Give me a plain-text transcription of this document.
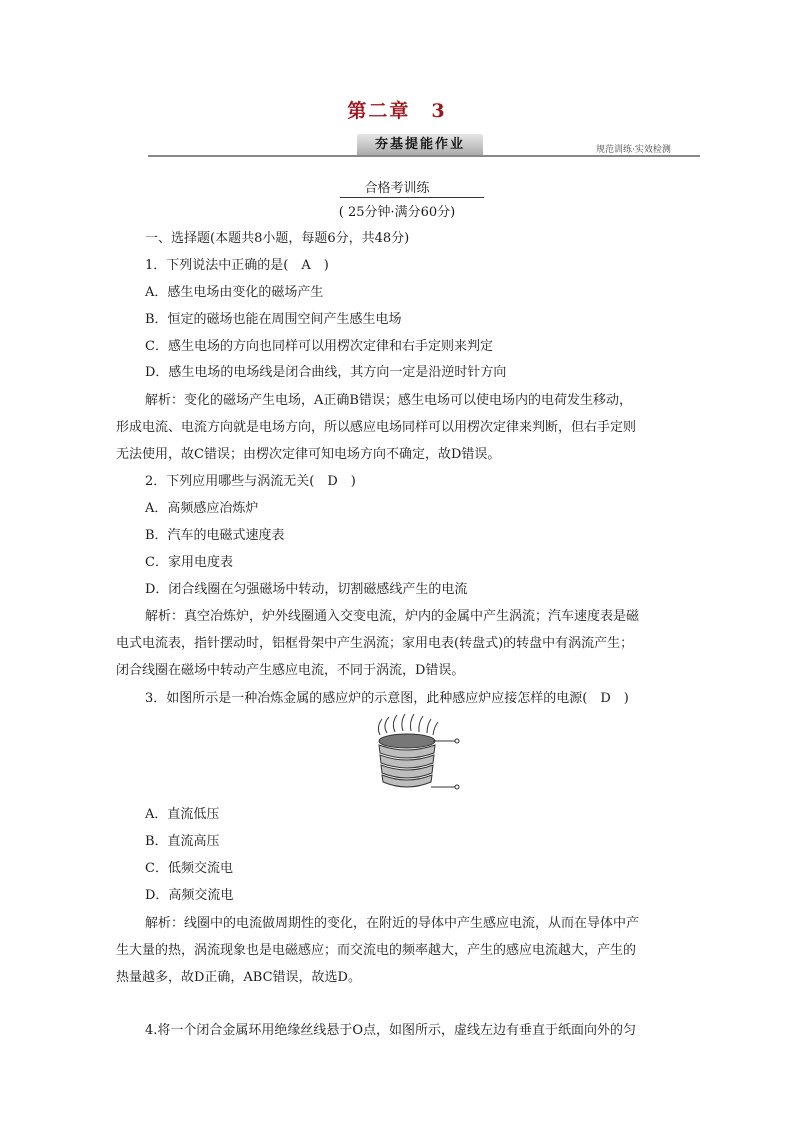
第二章　3
夯基提能作业	规范训练·实效检测
合格考训练
( 25分钟·满分60分)
一、选择题(本题共8小题，每题6分，共48分)
1．下列说法中正确的是(　A　)
A．感生电场由变化的磁场产生
B．恒定的磁场也能在周围空间产生感生电场
C．感生电场的方向也同样可以用楞次定律和右手定则来判定
D．感生电场的电场线是闭合曲线，其方向一定是沿逆时针方向
解析：变化的磁场产生电场，A正确B错误；感生电场可以使电场内的电荷发生移动，
形成电流、电流方向就是电场方向，所以感应电场同样可以用楞次定律来判断，但右手定则
无法使用，故C错误；由楞次定律可知电场方向不确定，故D错误。
2．下列应用哪些与涡流无关(　D　)
A．高频感应冶炼炉
B．汽车的电磁式速度表
C．家用电度表
D．闭合线圈在匀强磁场中转动，切割磁感线产生的电流
解析：真空冶炼炉，炉外线圈通入交变电流，炉内的金属中产生涡流；汽车速度表是磁
电式电流表，指针摆动时，铝框骨架中产生涡流；家用电表(转盘式)的转盘中有涡流产生；
闭合线圈在磁场中转动产生感应电流，不同于涡流，D错误。
3．如图所示是一种冶炼金属的感应炉的示意图，此种感应炉应接怎样的电源(　D　)
A．直流低压
B．直流高压
C．低频交流电
D．高频交流电
解析：线圈中的电流做周期性的变化，在附近的导体中产生感应电流，从而在导体中产
生大量的热，涡流现象也是电磁感应；而交流电的频率越大，产生的感应电流越大，产生的
热量越多，故D正确，ABC错误，故选D。
4.将一个闭合金属环用绝缘丝线悬于O点，如图所示，虚线左边有垂直于纸面向外的匀
